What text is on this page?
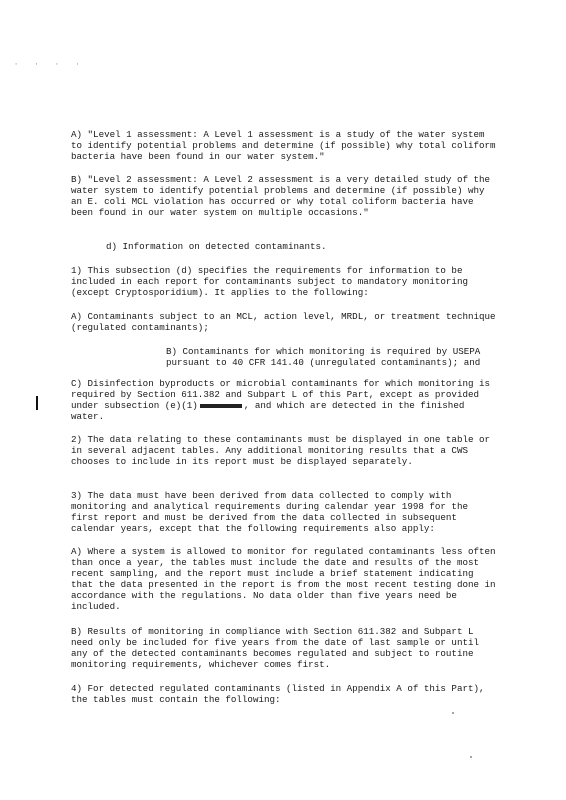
· · · ·

A) "Level 1 assessment: A Level 1 assessment is a study of the water system to identify potential problems and determine (if possible) why total coliform bacteria have been found in our water system."

B) "Level 2 assessment: A Level 2 assessment is a very detailed study of the water system to identify potential problems and determine (if possible) why an E. coli MCL violation has occurred or why total coliform bacteria have been found in our water system on multiple occasions."

d) Information on detected contaminants.

1) This subsection (d) specifies the requirements for information to be included in each report for contaminants subject to mandatory monitoring (except Cryptosporidium). It applies to the following:

A) Contaminants subject to an MCL, action level, MRDL, or treatment technique (regulated contaminants);

B) Contaminants for which monitoring is required by USEPA pursuant to 40 CFR 141.40 (unregulated contaminants); and

C) Disinfection byproducts or microbial contaminants for which monitoring is required by Section 611.382 and Subpart L of this Part, except as provided under subsection (e)(1)	, and which are detected in the finished water.

2) The data relating to these contaminants must be displayed in one table or in several adjacent tables. Any additional monitoring results that a CWS chooses to include in its report must be displayed separately.

3) The data must have been derived from data collected to comply with monitoring and analytical requirements during calendar year 1998 for the first report and must be derived from the data collected in subsequent calendar years, except that the following requirements also apply:

A) Where a system is allowed to monitor for regulated contaminants less often than once a year, the tables must include the date and results of the most recent sampling, and the report must include a brief statement indicating that the data presented in the report is from the most recent testing done in accordance with the regulations. No data older than five years need be included.

B) Results of monitoring in compliance with Section 611.382 and Subpart L need only be included for five years from the date of last sample or until any of the detected contaminants becomes regulated and subject to routine monitoring requirements, whichever comes first.

4) For detected regulated contaminants (listed in Appendix A of this Part), the tables must contain the following:
